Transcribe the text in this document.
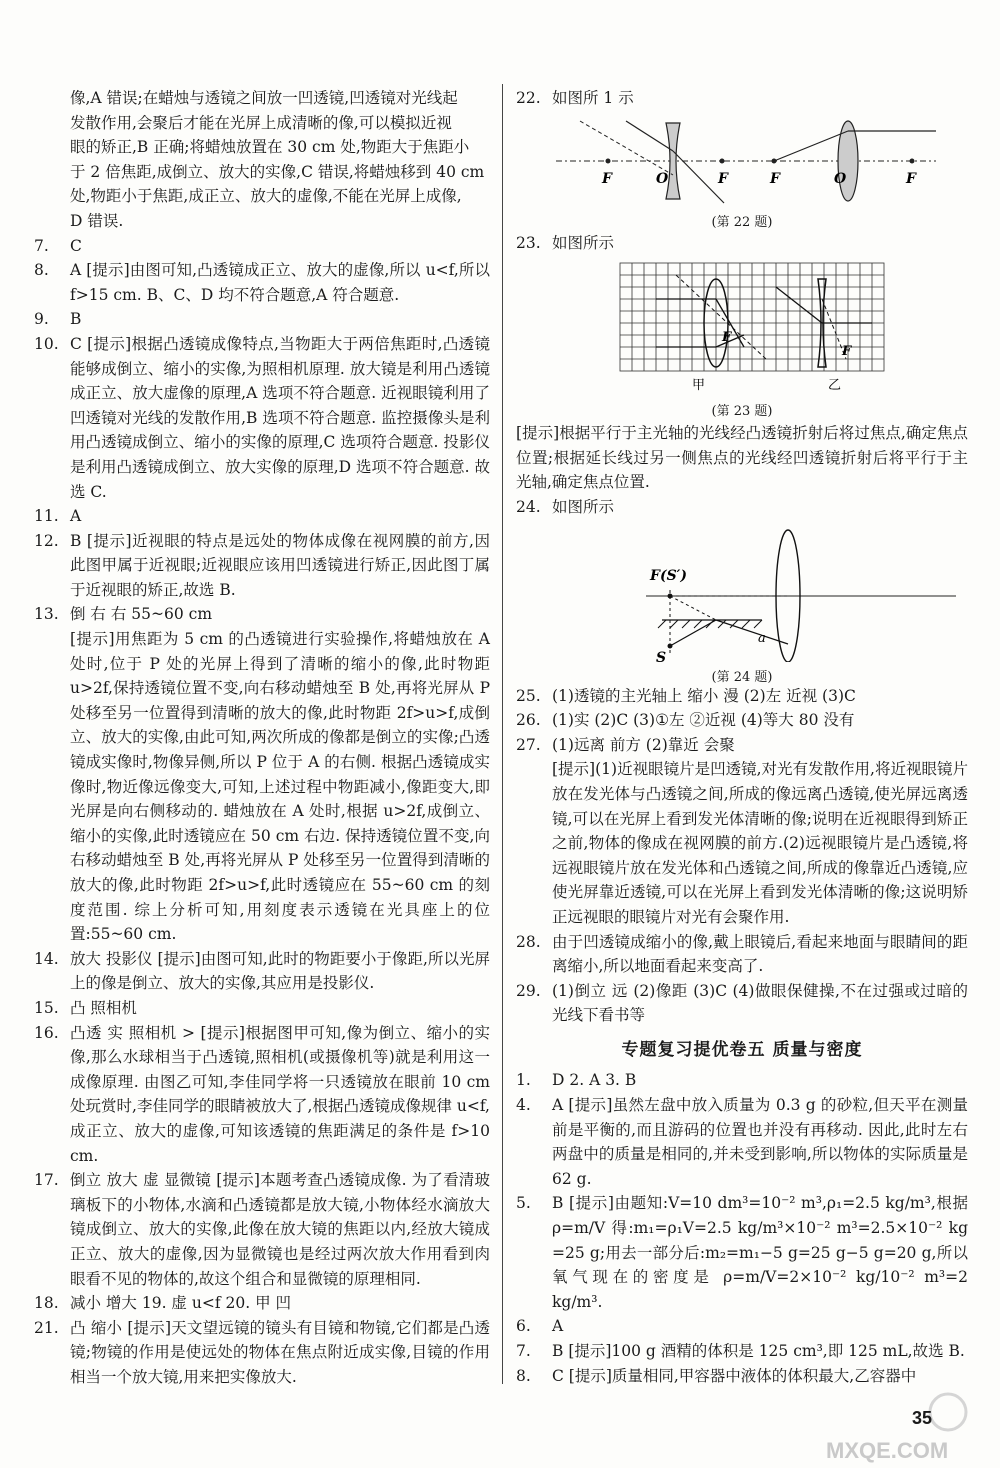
像,A 错误;在蜡烛与透镜之间放一凹透镜,凹透镜对光线起
发散作用,会聚后才能在光屏上成清晰的像,可以模拟近视
眼的矫正,B 正确;将蜡烛放置在 30 cm 处,物距大于焦距小
于 2 倍焦距,成倒立、放大的实像,C 错误,将蜡烛移到 40 cm
处,物距小于焦距,成正立、放大的虚像,不能在光屏上成像,
D 错误.
7.	C
8.	A [提示]由图可知,凸透镜成正立、放大的虚像,所以 u<f,所以 f>15 cm. B、C、D 均不符合题意,A 符合题意.
9.	B
10. C [提示]根据凸透镜成像特点,当物距大于两倍焦距时,凸透镜能够成倒立、缩小的实像,为照相机原理. 放大镜是利用凸透镜成正立、放大虚像的原理,A 选项不符合题意. 近视眼镜利用了凹透镜对光线的发散作用,B 选项不符合题意. 监控摄像头是利用凸透镜成倒立、缩小的实像的原理,C 选项符合题意. 投影仪是利用凸透镜成倒立、放大实像的原理,D 选项不符合题意. 故选 C.
11. A
12. B [提示]近视眼的特点是远处的物体成像在视网膜的前方,因此图甲属于近视眼;近视眼应该用凹透镜进行矫正,因此图丁属于近视眼的矫正,故选 B.
13. 倒 右 右 55~60 cm
[提示]用焦距为 5 cm 的凸透镜进行实验操作,将蜡烛放在 A 处时,位于 P 处的光屏上得到了清晰的缩小的像,此时物距 u>2f,保持透镜位置不变,向右移动蜡烛至 B 处,再将光屏从 P 处移至另一位置得到清晰的放大的像,此时物距 2f>u>f,成倒立、放大的实像,由此可知,两次所成的像都是倒立的实像;凸透镜成实像时,物像异侧,所以 P 位于 A 的右侧. 根据凸透镜成实像时,物近像远像变大,可知,上述过程中物距减小,像距变大,即光屏是向右侧移动的. 蜡烛放在 A 处时,根据 u>2f,成倒立、缩小的实像,此时透镜应在 50 cm 右边. 保持透镜位置不变,向右移动蜡烛至 B 处,再将光屏从 P 处移至另一位置得到清晰的放大的像,此时物距 2f>u>f,此时透镜应在 55~60 cm 的刻度范围. 综上分析可知,用刻度表示透镜在光具座上的位置:55~60 cm.
14. 放大 投影仪 [提示]由图可知,此时的物距要小于像距,所以光屏上的像是倒立、放大的实像,其应用是投影仪.
15. 凸 照相机
16. 凸透 实 照相机 > [提示]根据图甲可知,像为倒立、缩小的实像,那么水球相当于凸透镜,照相机(或摄像机等)就是利用这一成像原理. 由图乙可知,李佳同学将一只透镜放在眼前 10 cm 处玩赏时,李佳同学的眼睛被放大了,根据凸透镜成像规律 u<f,成正立、放大的虚像,可知该透镜的焦距满足的条件是 f>10 cm.
17. 倒立 放大 虚 显微镜 [提示]本题考查凸透镜成像. 为了看清玻璃板下的小物体,水滴和凸透镜都是放大镜,小物体经水滴放大镜成倒立、放大的实像,此像在放大镜的焦距以内,经放大镜成正立、放大的虚像,因为显微镜也是经过两次放大作用看到肉眼看不见的物体的,故这个组合和显微镜的原理相同.
18. 减小 增大 19. 虚 u<f 20. 甲 凹
21. 凸 缩小 [提示]天文望远镜的镜头有目镜和物镜,它们都是凸透镜;物镜的作用是使远处的物体在焦点附近成实像,目镜的作用相当一个放大镜,用来把实像放大.
22. 如图所 1 示
F	O	F	F	O	F
(第 22 题)
23. 如图所示
F
F
甲	乙
(第 23 题)
[提示]根据平行于主光轴的光线经凸透镜折射后将过焦点,确定焦点位置;根据延长线过另一侧焦点的光线经凹透镜折射后将平行于主光轴,确定焦点位置.
24. 如图所示
F(S′)
S
a
(第 24 题)
25. (1)透镜的主光轴上 缩小 漫 (2)左 近视 (3)C
26. (1)实 (2)C (3)①左 ②近视 (4)等大 80 没有
27. (1)远离 前方 (2)靠近 会聚
[提示](1)近视眼镜片是凹透镜,对光有发散作用,将近视眼镜片放在发光体与凸透镜之间,所成的像远离凸透镜,使光屏远离透镜,可以在光屏上看到发光体清晰的像;说明在近视眼得到矫正之前,物体的像成在视网膜的前方.(2)远视眼镜片是凸透镜,将远视眼镜片放在发光体和凸透镜之间,所成的像靠近凸透镜,应使光屏靠近透镜,可以在光屏上看到发光体清晰的像;这说明矫正远视眼的眼镜片对光有会聚作用.
28. 由于凹透镜成缩小的像,戴上眼镜后,看起来地面与眼睛间的距离缩小,所以地面看起来变高了.
29. (1)倒立 远 (2)像距 (3)C (4)做眼保健操,不在过强或过暗的光线下看书等
专题复习提优卷五 质量与密度
1.	D 2. A 3. B
4.	A [提示]虽然左盘中放入质量为 0.3 g 的砂粒,但天平在测量前是平衡的,而且游码的位置也并没有再移动. 因此,此时左右两盘中的质量是相同的,并未受到影响,所以物体的实际质量是 62 g.
5.	B [提示]由题知:V=10 dm³=10⁻² m³,ρ₁=2.5 kg/m³,根据 ρ=m/V 得:m₁=ρ₁V=2.5 kg/m³×10⁻² m³=2.5×10⁻² kg =25 g;用去一部分后:m₂=m₁−5 g=25 g−5 g=20 g,所以氧气现在的密度是 ρ=m/V=2×10⁻² kg/10⁻² m³=2 kg/m³.
6.	A
7.	B [提示]100 g 酒精的体积是 125 cm³,即 125 mL,故选 B.
8.	C [提示]质量相同,甲容器中液体的体积最大,乙容器中
MXQE.COM
35
